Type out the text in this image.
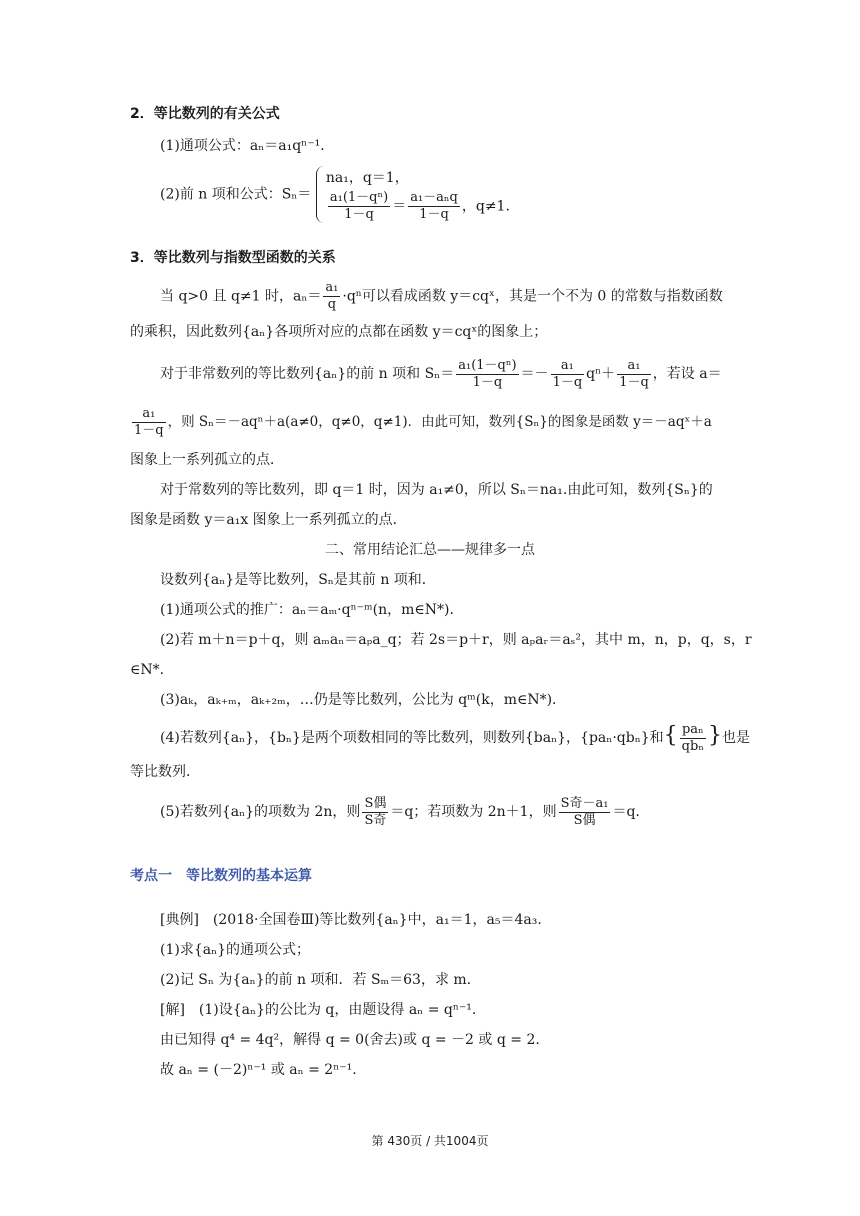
2．等比数列的有关公式
(1)通项公式：aₙ＝a₁qⁿ⁻¹.
(2)前 n 项和公式：Sₙ＝
na₁，q＝1，
$\frac{\text{a₁(1－qⁿ)}}{1-q} = \frac{\text{a₁－aₙq}}{1-q}$ ，q≠1.
3．等比数列与指数型函数的关系
当 q>0 且 q≠1 时，$a_n= \frac{\text{a₁}}{q} \cdot q^n$可以看成函数 y＝cqˣ，其是一个不为 0 的常数与指数函数
的乘积，因此数列{aₙ}各项所对应的点都在函数 y＝cqˣ的图象上；
对于非常数列的等比数列{aₙ}的前 n 项和 $S_n= \frac{\text{a₁(1－qⁿ)}}{1-q} =- \frac{\text{a₁}}{1-q} q^n+ \frac{\text{a₁}}{1-q}$ ，若设 a＝
$\frac{\text{a₁}}{1-q}$ ，则 Sₙ＝－aqⁿ＋a(a≠0，q≠0，q≠1)．由此可知，数列{Sₙ}的图象是函数 y＝－aqˣ＋a
图象上一系列孤立的点．
对于常数列的等比数列，即 q＝1 时，因为 a₁≠0，所以 Sₙ＝na₁.由此可知，数列{Sₙ}的
图象是函数 y＝a₁x 图象上一系列孤立的点．
二、常用结论汇总——规律多一点
设数列{aₙ}是等比数列，Sₙ是其前 n 项和．
(1)通项公式的推广：aₙ＝aₘ·qⁿ⁻ᵐ(n，m∈N*)．
(2)若 m＋n＝p＋q，则 aₘaₙ＝aₚa_q；若 2s＝p＋r，则 aₚaᵣ＝aₛ²，其中 m，n，p，q，s，r
∈N*.
(3)aₖ，aₖ₊ₘ，aₖ₊₂ₘ，…仍是等比数列，公比为 qᵐ(k，m∈N*)．
(4)若数列{aₙ}，{bₙ}是两个项数相同的等比数列，则数列{baₙ}，{paₙ·qbₙ}和{ $\frac{\text{paₙ}}{\text{qbₙ}}$ }也是
等比数列．
(5)若数列{aₙ}的项数为 2n，则 $\frac{\text{S偶}}{\text{S奇}} =q$；若项数为 2n＋1，则 $\frac{\text{S奇－a₁}}{\text{S偶}} =q$.
考点一　等比数列的基本运算
[典例]　(2018·全国卷Ⅲ)等比数列{aₙ}中，a₁＝1，a₅＝4a₃.
(1)求{aₙ}的通项公式；
(2)记 Sₙ 为{aₙ}的前 n 项和．若 Sₘ＝63，求 m.
[解]　(1)设{aₙ}的公比为 q，由题设得 aₙ = qⁿ⁻¹.
由已知得 q⁴ = 4q²，解得 q = 0(舍去)或 q = －2 或 q = 2.
故 aₙ = (－2)ⁿ⁻¹ 或 aₙ = 2ⁿ⁻¹.
第 430页 / 共1004页
